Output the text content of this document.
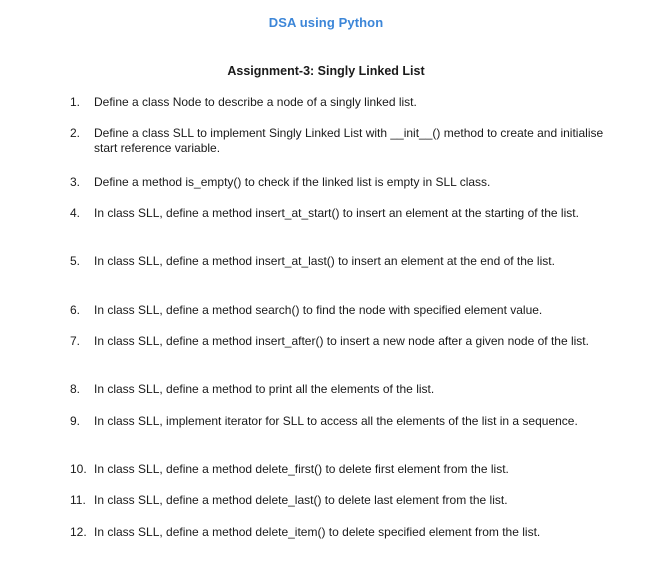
DSA using Python
Assignment-3: Singly Linked List
1.	Define a class Node to describe a node of a singly linked list.
2.	Define a class SLL to implement Singly Linked List with __init__() method to create and initialise start reference variable.
3.	Define a method is_empty() to check if the linked list is empty in SLL class.
4.	In class SLL, define a method insert_at_start() to insert an element at the starting of the list.
5.	In class SLL, define a method insert_at_last() to insert an element at the end of the list.
6.	In class SLL, define a method search() to find the node with specified element value.
7.	In class SLL, define a method insert_after() to insert a new node after a given node of the list.
8.	In class SLL, define a method to print all the elements of the list.
9.	In class SLL, implement iterator for SLL to access all the elements of the list in a sequence.
10. In class SLL, define a method delete_first() to delete first element from the list.
11. In class SLL, define a method delete_last() to delete last element from the list.
12. In class SLL, define a method delete_item() to delete specified element from the list.
